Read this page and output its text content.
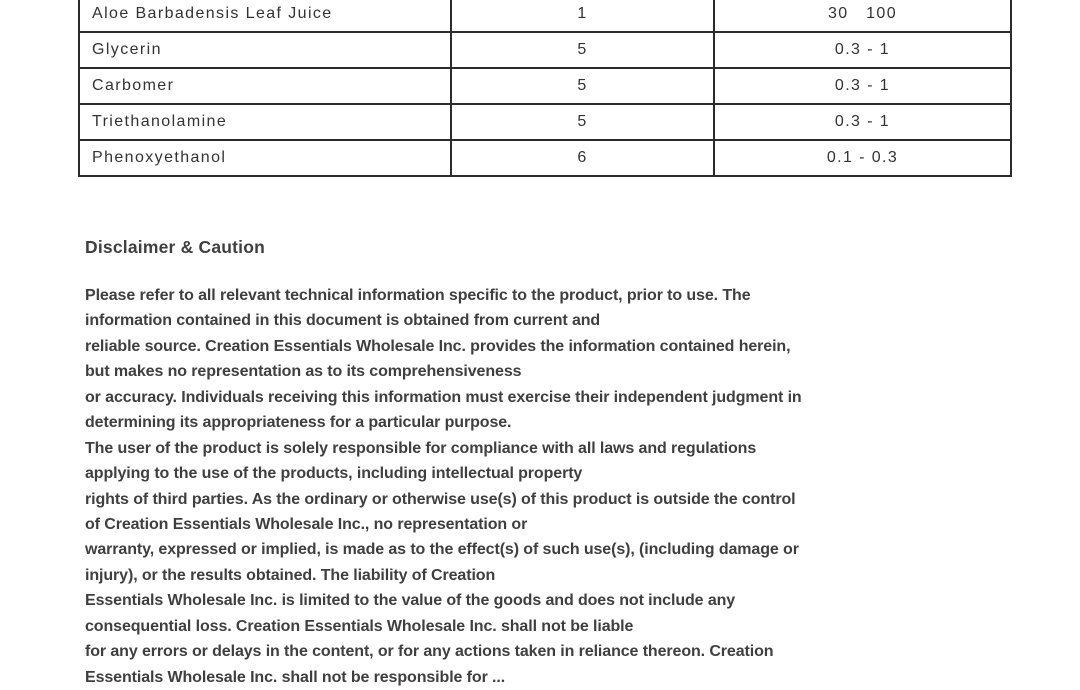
Aloe Barbadensis Leaf Juice	1	30   100
Glycerin	5	0.3 - 1
Carbomer	5	0.3 - 1
Triethanolamine	5	0.3 - 1
Phenoxyethanol	6	0.1 - 0.3
Disclaimer & Caution
Please refer to all relevant technical information specific to the product, prior to use. The
information contained in this document is obtained from current and
reliable source. Creation Essentials Wholesale Inc. provides the information contained herein,
but makes no representation as to its comprehensiveness
or accuracy. Individuals receiving this information must exercise their independent judgment in
determining its appropriateness for a particular purpose.
The user of the product is solely responsible for compliance with all laws and regulations
applying to the use of the products, including intellectual property
rights of third parties. As the ordinary or otherwise use(s) of this product is outside the control
of Creation Essentials Wholesale Inc., no representation or
warranty, expressed or implied, is made as to the effect(s) of such use(s), (including damage or
injury), or the results obtained. The liability of Creation
Essentials Wholesale Inc. is limited to the value of the goods and does not include any
consequential loss. Creation Essentials Wholesale Inc. shall not be liable
for any errors or delays in the content, or for any actions taken in reliance thereon. Creation
Essentials Wholesale Inc. shall not be responsible for ...
